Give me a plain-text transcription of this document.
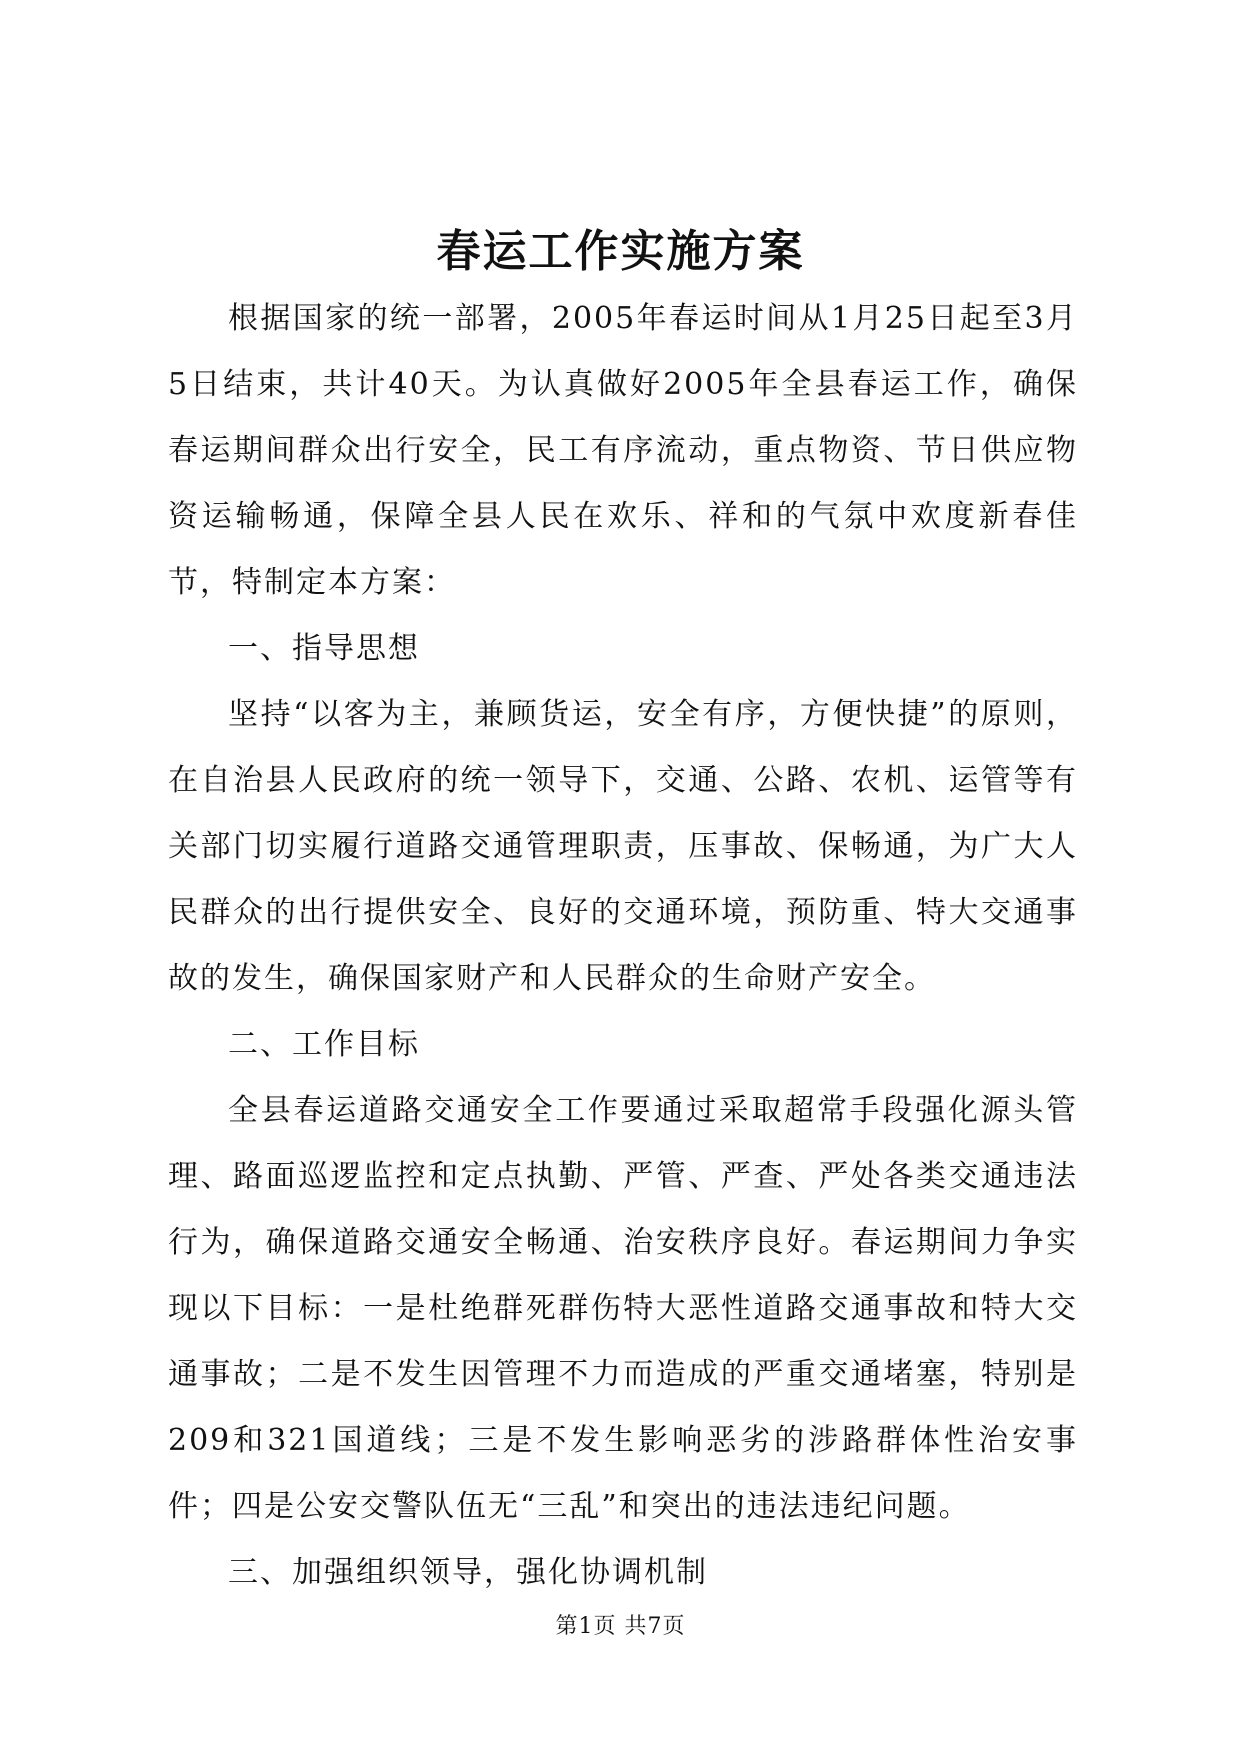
春运工作实施方案

根据国家的统一部署，2005年春运时间从1月25日起至3月5日结束，共计40天。为认真做好2005年全县春运工作，确保春运期间群众出行安全，民工有序流动，重点物资、节日供应物资运输畅通，保障全县人民在欢乐、祥和的气氛中欢度新春佳节，特制定本方案：

一、指导思想

坚持“以客为主，兼顾货运，安全有序，方便快捷”的原则，在自治县人民政府的统一领导下，交通、公路、农机、运管等有关部门切实履行道路交通管理职责，压事故、保畅通，为广大人民群众的出行提供安全、良好的交通环境，预防重、特大交通事故的发生，确保国家财产和人民群众的生命财产安全。

二、工作目标

全县春运道路交通安全工作要通过采取超常手段强化源头管理、路面巡逻监控和定点执勤、严管、严查、严处各类交通违法行为，确保道路交通安全畅通、治安秩序良好。春运期间力争实现以下目标：一是杜绝群死群伤特大恶性道路交通事故和特大交通事故；二是不发生因管理不力而造成的严重交通堵塞，特别是209和321国道线；三是不发生影响恶劣的涉路群体性治安事件；四是公安交警队伍无“三乱”和突出的违法违纪问题。

三、加强组织领导，强化协调机制

第1页 共7页
